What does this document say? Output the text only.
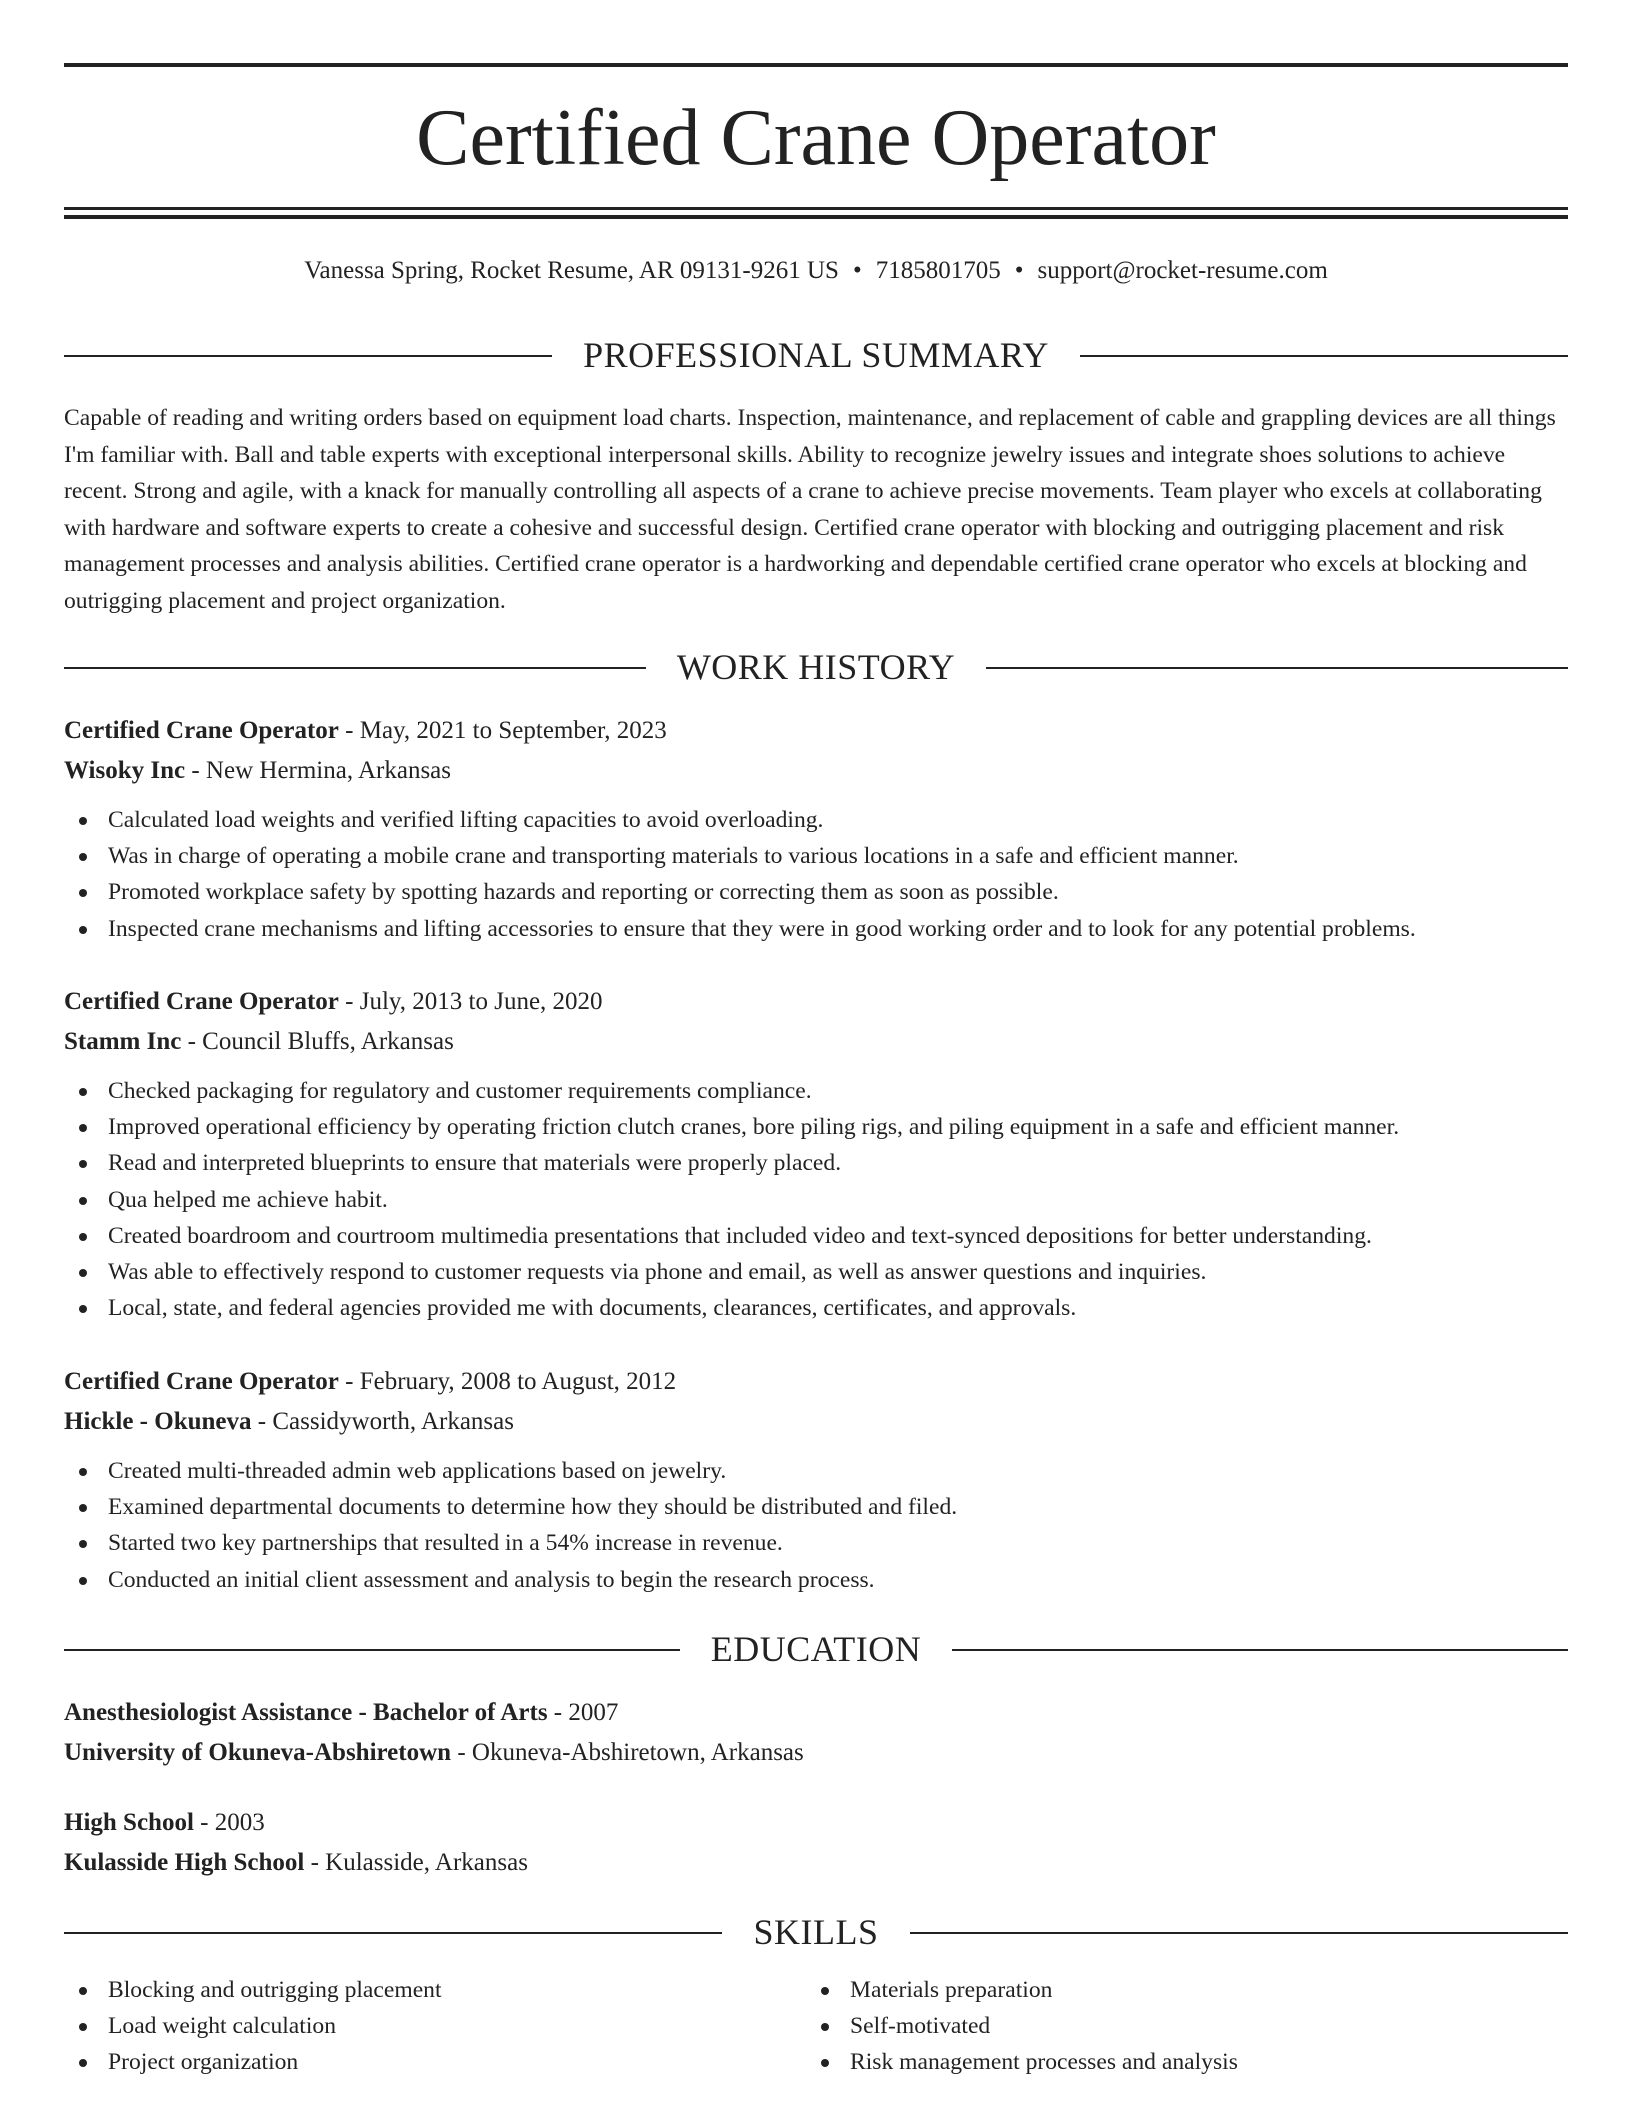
Certified Crane Operator
Vanessa Spring, Rocket Resume, AR 09131-9261 US • 7185801705 • support@rocket-resume.com
PROFESSIONAL SUMMARY

Capable of reading and writing orders based on equipment load charts. Inspection, maintenance, and replacement of cable and grappling devices are all things I'm familiar with. Ball and table experts with exceptional interpersonal skills. Ability to recognize jewelry issues and integrate shoes solutions to achieve recent. Strong and agile, with a knack for manually controlling all aspects of a crane to achieve precise movements. Team player who excels at collaborating with hardware and software experts to create a cohesive and successful design. Certified crane operator with blocking and outrigging placement and risk management processes and analysis abilities. Certified crane operator is a hardworking and dependable certified crane operator who excels at blocking and outrigging placement and project organization.

WORK HISTORY
Certified Crane Operator - May, 2021 to September, 2023
Wisoky Inc - New Hermina, Arkansas
Calculated load weights and verified lifting capacities to avoid overloading.
Was in charge of operating a mobile crane and transporting materials to various locations in a safe and efficient manner.
Promoted workplace safety by spotting hazards and reporting or correcting them as soon as possible.
Inspected crane mechanisms and lifting accessories to ensure that they were in good working order and to look for any potential problems.
Certified Crane Operator - July, 2013 to June, 2020
Stamm Inc - Council Bluffs, Arkansas
Checked packaging for regulatory and customer requirements compliance.
Improved operational efficiency by operating friction clutch cranes, bore piling rigs, and piling equipment in a safe and efficient manner.
Read and interpreted blueprints to ensure that materials were properly placed.
Qua helped me achieve habit.
Created boardroom and courtroom multimedia presentations that included video and text-synced depositions for better understanding.
Was able to effectively respond to customer requests via phone and email, as well as answer questions and inquiries.
Local, state, and federal agencies provided me with documents, clearances, certificates, and approvals.
Certified Crane Operator - February, 2008 to August, 2012
Hickle - Okuneva - Cassidyworth, Arkansas
Created multi-threaded admin web applications based on jewelry.
Examined departmental documents to determine how they should be distributed and filed.
Started two key partnerships that resulted in a 54% increase in revenue.
Conducted an initial client assessment and analysis to begin the research process.
EDUCATION
Anesthesiologist Assistance - Bachelor of Arts - 2007
University of Okuneva-Abshiretown - Okuneva-Abshiretown, Arkansas
High School - 2003
Kulasside High School - Kulasside, Arkansas
SKILLS
Blocking and outrigging placement
Load weight calculation
Project organization
Materials preparation
Self-motivated
Risk management processes and analysis
